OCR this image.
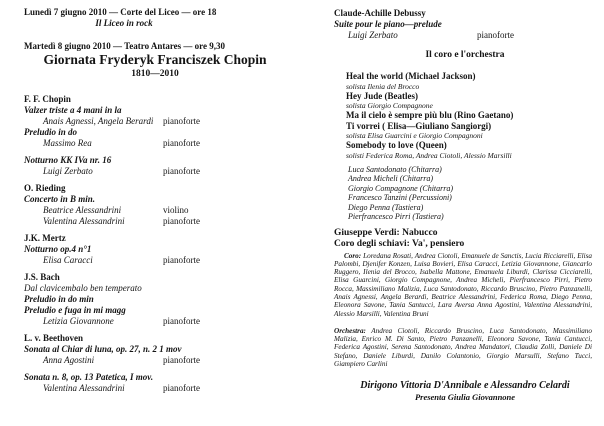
Lunedì 7 giugno 2010 — Corte del Liceo — ore 18
Il Liceo in rock
Martedì 8 giugno 2010 — Teatro Antares — ore 9,30
Giornata Fryderyk Franciszek Chopin
1810—2010
F. F. Chopin
Valzer triste a 4 mani in la
Anais Agnessi, Angela Berardi	pianoforte
Preludio in do
Massimo Rea	pianoforte
Notturno KK IVa nr. 16
Luigi Zerbato	pianoforte
O. Rieding
Concerto in B min.
Beatrice Alessandrini	violino
Valentina Alessandrini	pianoforte
J.K. Mertz
Notturno op.4 n°1
Elisa Caracci	pianoforte
J.S. Bach
Dal clavicembalo ben temperato
Preludio in do min
Preludio e fuga in mi magg
Letizia Giovannone	pianoforte
L. v. Beethoven
Sonata al Chiar di luna, op. 27, n. 2 1 mov
Anna Agostini	pianoforte
Sonata n. 8, op. 13 Patetica, I mov.
Valentina Alessandrini	pianoforte
Claude-Achille Debussy
Suite pour le piano—prelude
Luigi Zerbato	pianoforte
Il coro e l'orchestra
Heal the world (Michael Jackson)
solista Ilenia del Brocco
Hey Jude (Beatles)
solista Giorgio Compagnone
Ma il cielo è sempre più blu (Rino Gaetano)
Ti vorrei ( Elisa—Giuliano Sangiorgi)
solista Elisa Guarcini e Giorgio Compagnoni
Somebody to love (Queen)
solisti Federica Roma, Andrea Ciotoli, Alessio Marsilli
Luca Santodonato (Chitarra)
Andrea Micheli (Chitarra)
Giorgio Compagnone (Chitarra)
Francesco Tanzini (Percussioni)
Diego Penna (Tastiera)
Pierfrancesco Pirri (Tastiera)
Giuseppe Verdi: Nabucco
Coro degli schiavi: Va', pensiero

Coro: Loredana Rosati, Andrea Ciotoli, Emanuele de Sanctis, Lucia Ricciarelli, Elisa Palombi, Djenifer Konzen, Luisa Bovieri, Elisa Caracci, Letizia Giovannone, Giancarlo Ruggero, Ilenia del Brocco, Isabella Mattone, Emanuela Liburdi, Clarissa Cicciarelli, Elisa Guarcini, Giorgio Compagnone, Andrea Micheli, Pierfrancesco Pirri, Pietro Rocca, Massimiliano Malizia, Luca Santodonato, Riccardo Bruscino, Pietro Panzanelli, Anais Agnessi, Angela Berardi, Beatrice Alessandrini, Federica Roma, Diego Penna, Eleonora Savone, Tania Santucci, Lara Aversa Anna Agostini, Valentina Alessandrini, Alessio Marsilli, Valentina Bruni

Orchestra: Andrea Ciotoli, Riccardo Bruscino, Luca Santodonato, Massimiliano Malizia, Enrico M. Di Santo, Pietro Panzanelli, Eleonora Savone, Tania Cantucci, Federica Agostini, Serena Santodonato, Andrea Mandatori, Claudia Zolli, Daniele Di Stefano, Daniele Liburdi, Danilo Colantonio, Giorgio Marsulli, Stefano Tucci, Giampiero Carlini

Dirigono Vittoria D'Annibale e Alessandro Celardi
Presenta Giulia Giovannone
